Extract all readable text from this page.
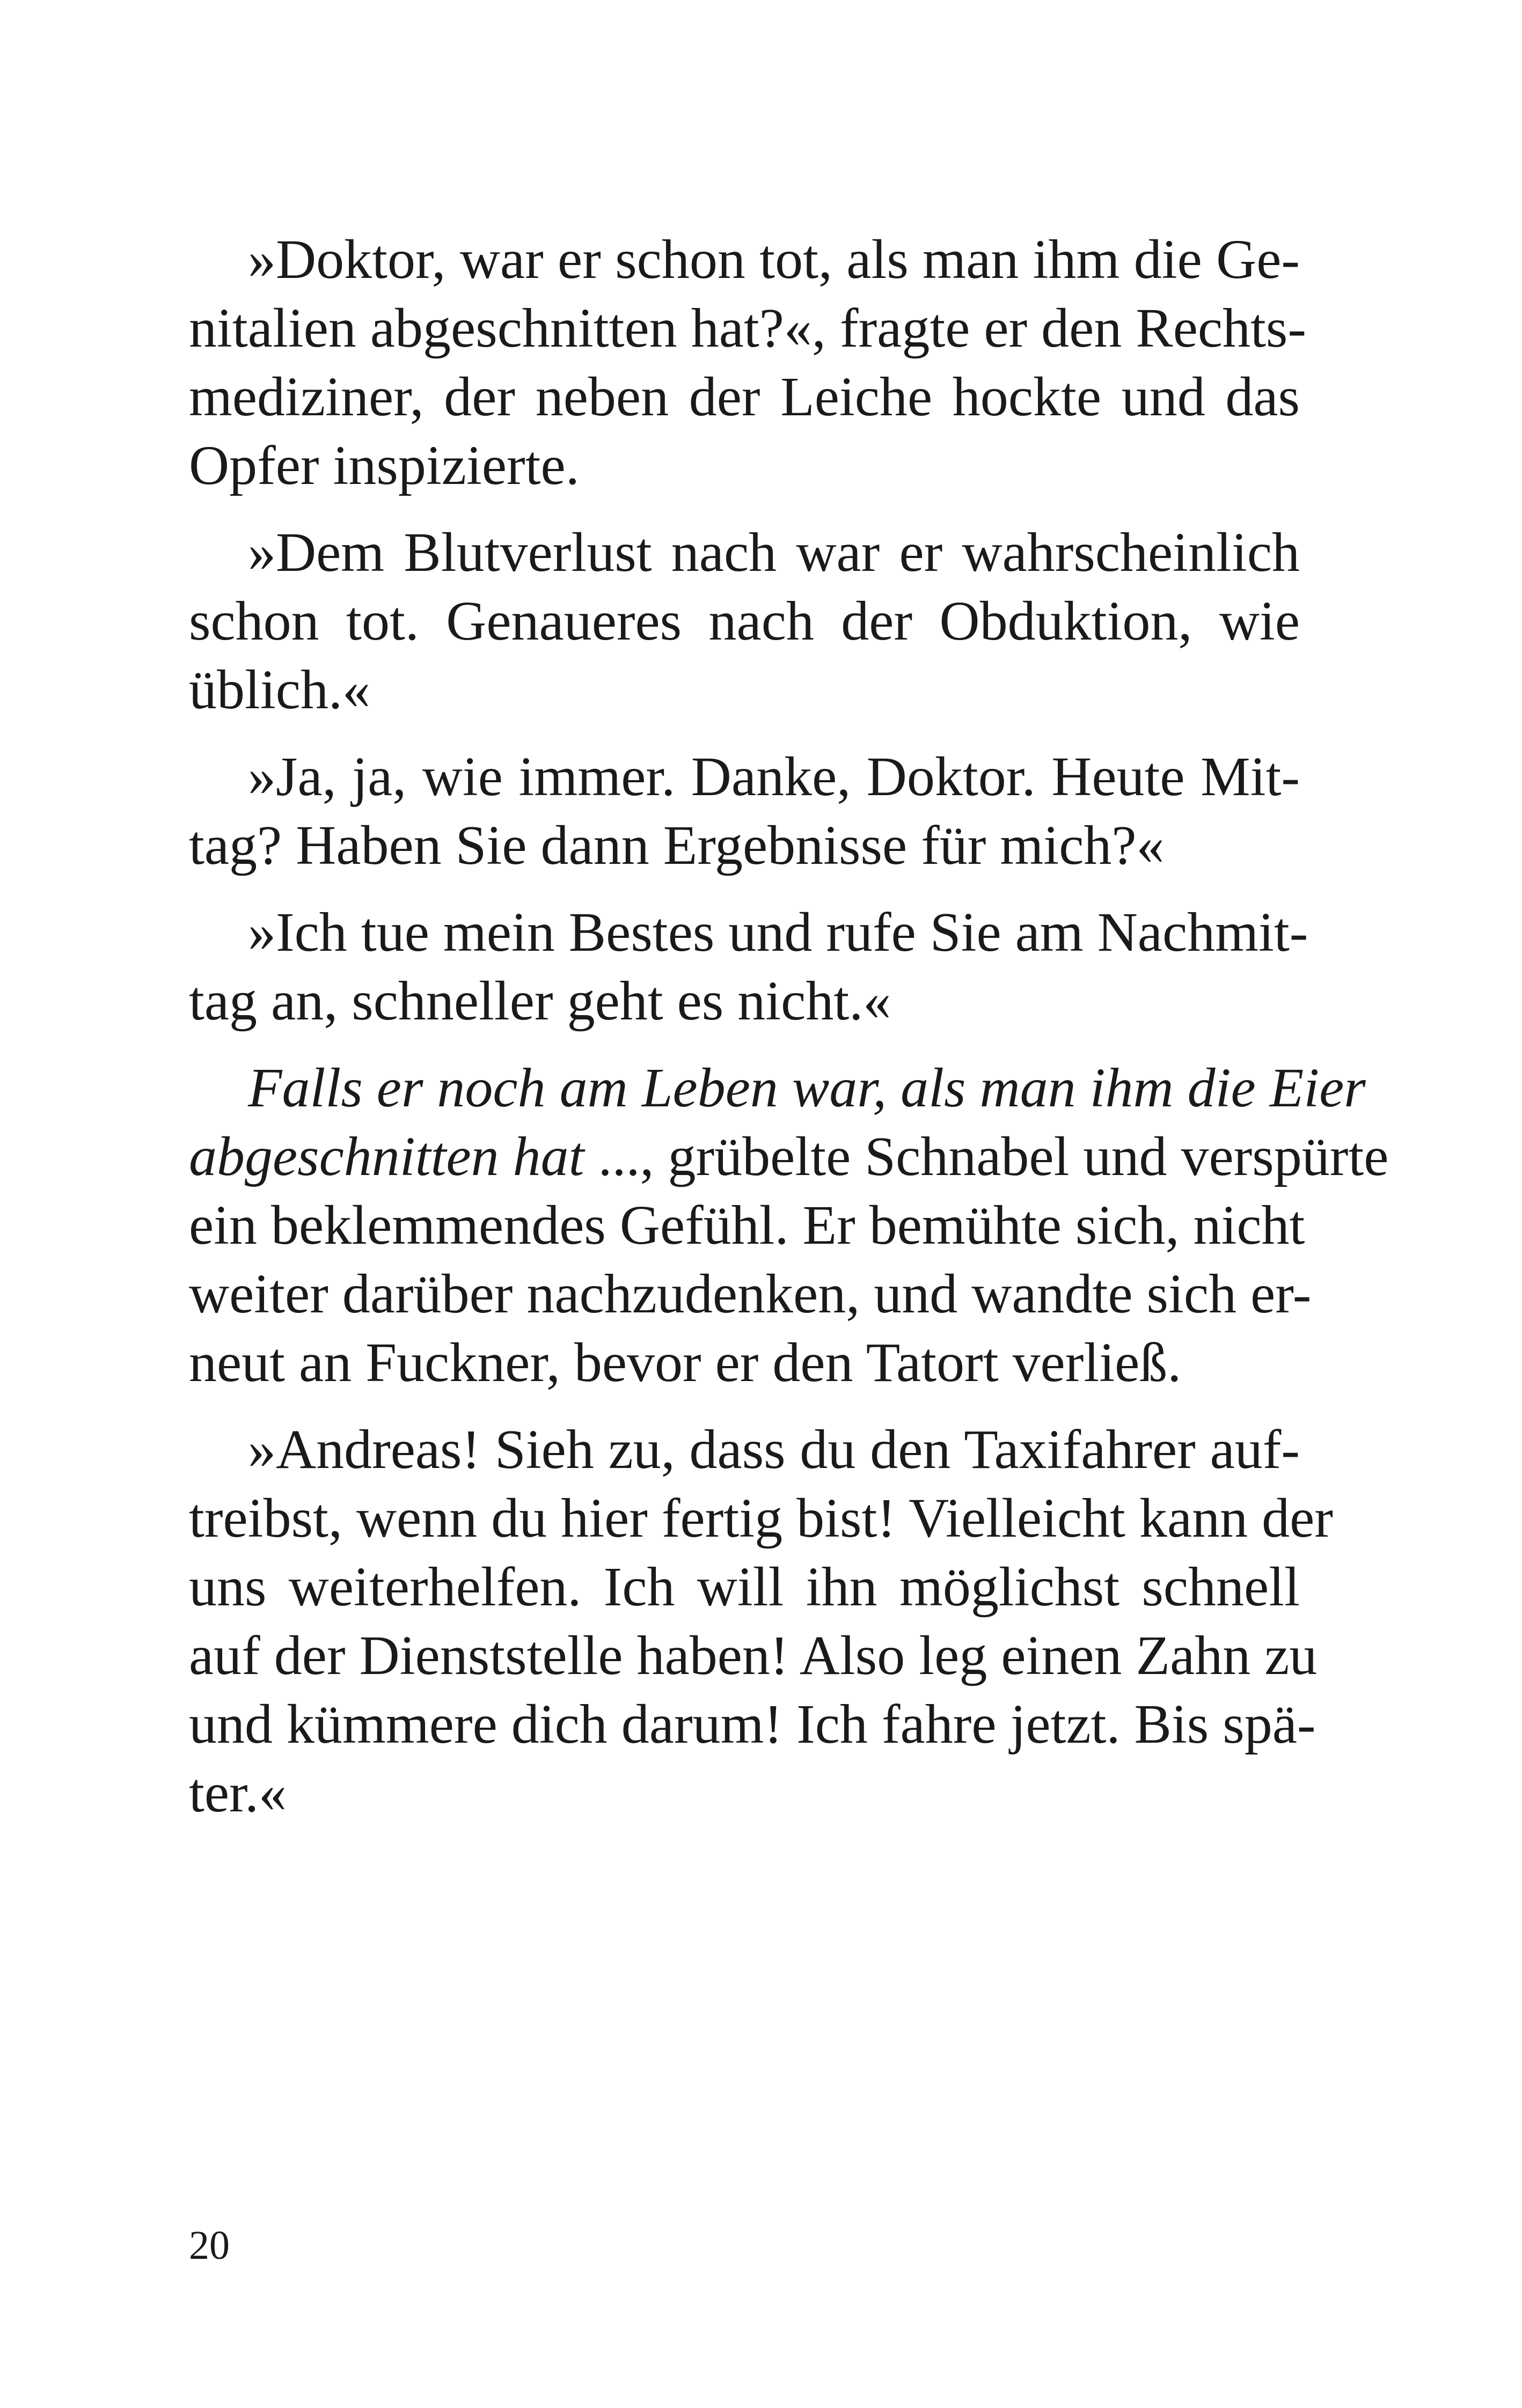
»Doktor, war er schon tot, als man ihm die Ge-
nitalien abgeschnitten hat?«, fragte er den Rechts-
mediziner, der neben der Leiche hockte und das
Opfer inspizierte.
»Dem Blutverlust nach war er wahrscheinlich
schon tot. Genaueres nach der Obduktion, wie
üblich.«
»Ja, ja, wie immer. Danke, Doktor. Heute Mit-
tag? Haben Sie dann Ergebnisse für mich?«
»Ich tue mein Bestes und rufe Sie am Nachmit-
tag an, schneller geht es nicht.«
Falls er noch am Leben war, als man ihm die Eier
abgeschnitten hat ..., grübelte Schnabel und verspürte
ein beklemmendes Gefühl. Er bemühte sich, nicht
weiter darüber nachzudenken, und wandte sich er-
neut an Fuckner, bevor er den Tatort verließ.
»Andreas! Sieh zu, dass du den Taxifahrer auf-
treibst, wenn du hier fertig bist! Vielleicht kann der
uns weiterhelfen. Ich will ihn möglichst schnell
auf der Dienststelle haben! Also leg einen Zahn zu
und kümmere dich darum! Ich fahre jetzt. Bis spä-
ter.«
20
